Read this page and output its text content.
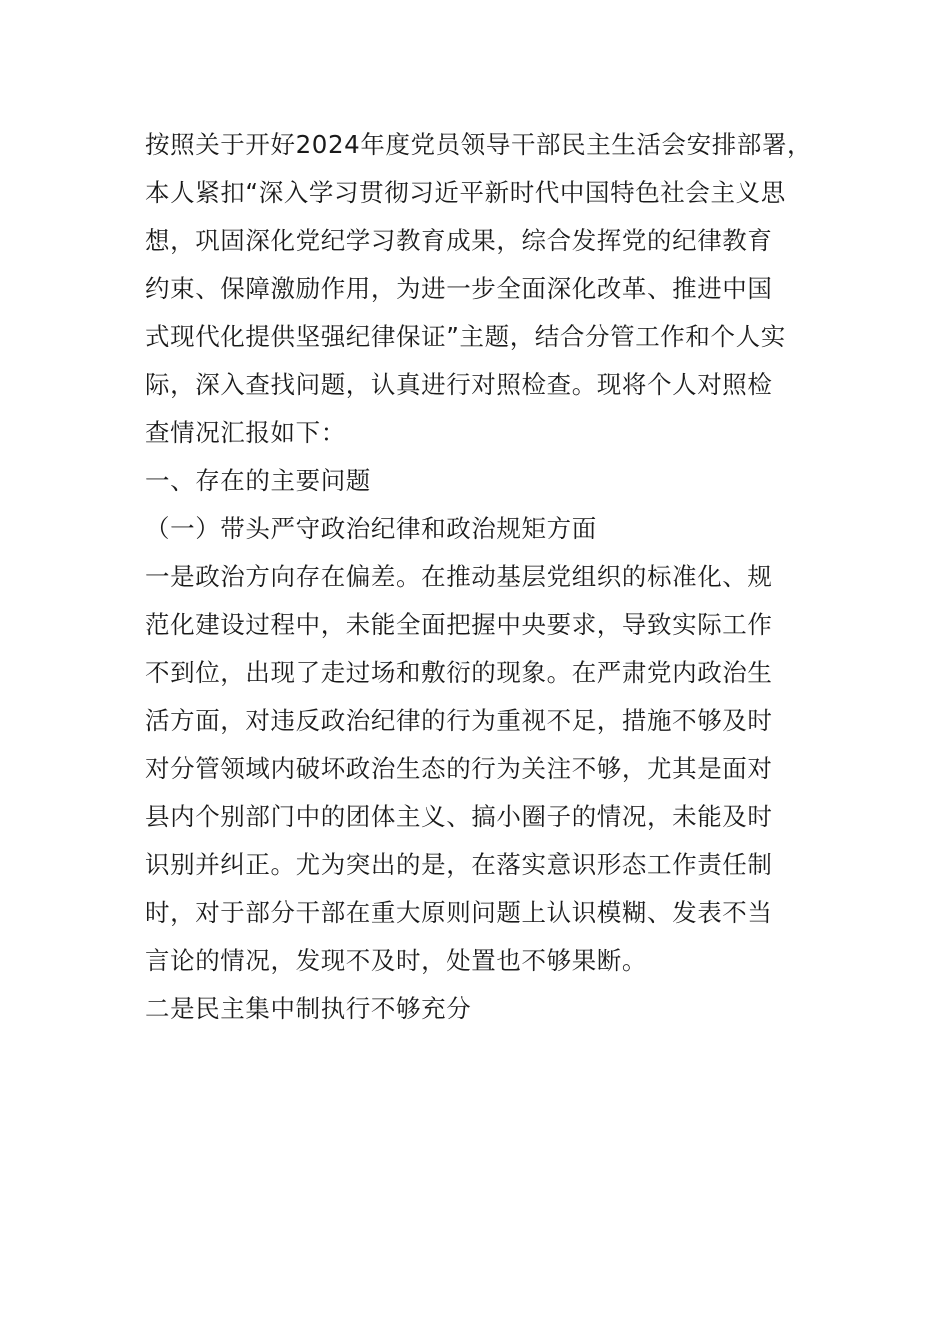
按照关于开好2024年度党员领导干部民主生活会安排部署，
本人紧扣“深入学习贯彻习近平新时代中国特色社会主义思
想，巩固深化党纪学习教育成果，综合发挥党的纪律教育
约束、保障激励作用，为进一步全面深化改革、推进中国
式现代化提供坚强纪律保证”主题，结合分管工作和个人实
际，深入查找问题，认真进行对照检查。现将个人对照检
查情况汇报如下：
一、存在的主要问题
（一）带头严守政治纪律和政治规矩方面
一是政治方向存在偏差。在推动基层党组织的标准化、规
范化建设过程中，未能全面把握中央要求，导致实际工作
不到位，出现了走过场和敷衍的现象。在严肃党内政治生
活方面，对违反政治纪律的行为重视不足，措施不够及时
对分管领域内破坏政治生态的行为关注不够，尤其是面对
县内个别部门中的团体主义、搞小圈子的情况，未能及时
识别并纠正。尤为突出的是，在落实意识形态工作责任制
时，对于部分干部在重大原则问题上认识模糊、发表不当
言论的情况，发现不及时，处置也不够果断。
二是民主集中制执行不够充分
